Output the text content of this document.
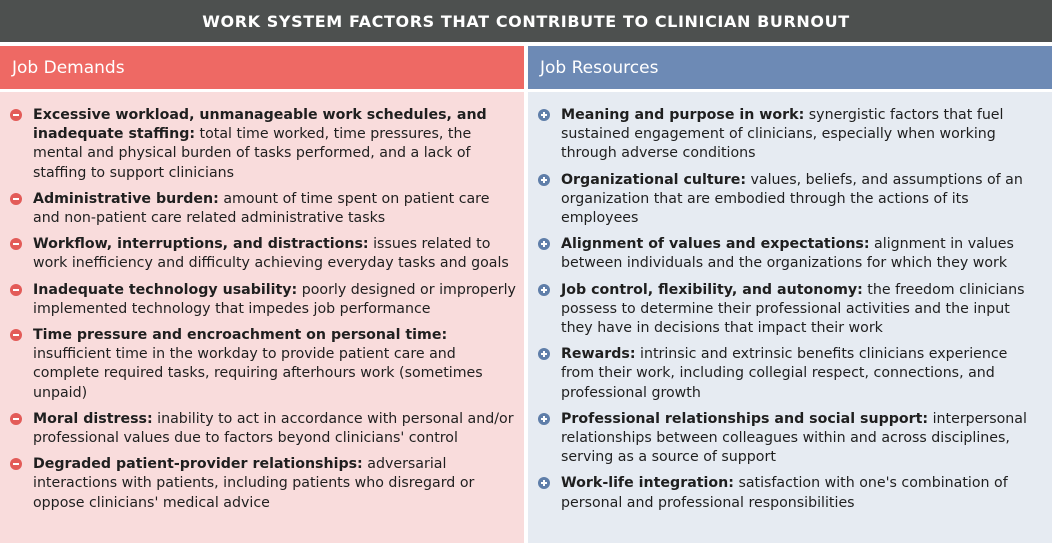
WORK SYSTEM FACTORS THAT CONTRIBUTE TO CLINICIAN BURNOUT
Job Demands
Excessive workload, unmanageable work schedules, and inadequate staffing: total time worked, time pressures, the mental and physical burden of tasks performed, and a lack of staffing to support clinicians
Administrative burden: amount of time spent on patient care and non-patient care related administrative tasks
Workflow, interruptions, and distractions: issues related to work inefficiency and difficulty achieving everyday tasks and goals
Inadequate technology usability: poorly designed or improperly implemented technology that impedes job performance
Time pressure and encroachment on personal time: insufficient time in the workday to provide patient care and complete required tasks, requiring afterhours work (sometimes unpaid)
Moral distress: inability to act in accordance with personal and/or professional values due to factors beyond clinicians' control
Degraded patient-provider relationships: adversarial interactions with patients, including patients who disregard or oppose clinicians' medical advice
Job Resources
Meaning and purpose in work: synergistic factors that fuel sustained engagement of clinicians, especially when working through adverse conditions
Organizational culture: values, beliefs, and assumptions of an organization that are embodied through the actions of its employees
Alignment of values and expectations: alignment in values between individuals and the organizations for which they work
Job control, flexibility, and autonomy: the freedom clinicians possess to determine their professional activities and the input they have in decisions that impact their work
Rewards: intrinsic and extrinsic benefits clinicians experience from their work, including collegial respect, connections, and professional growth
Professional relationships and social support: interpersonal relationships between colleagues within and across disciplines, serving as a source of support
Work-life integration: satisfaction with one's combination of personal and professional responsibilities
